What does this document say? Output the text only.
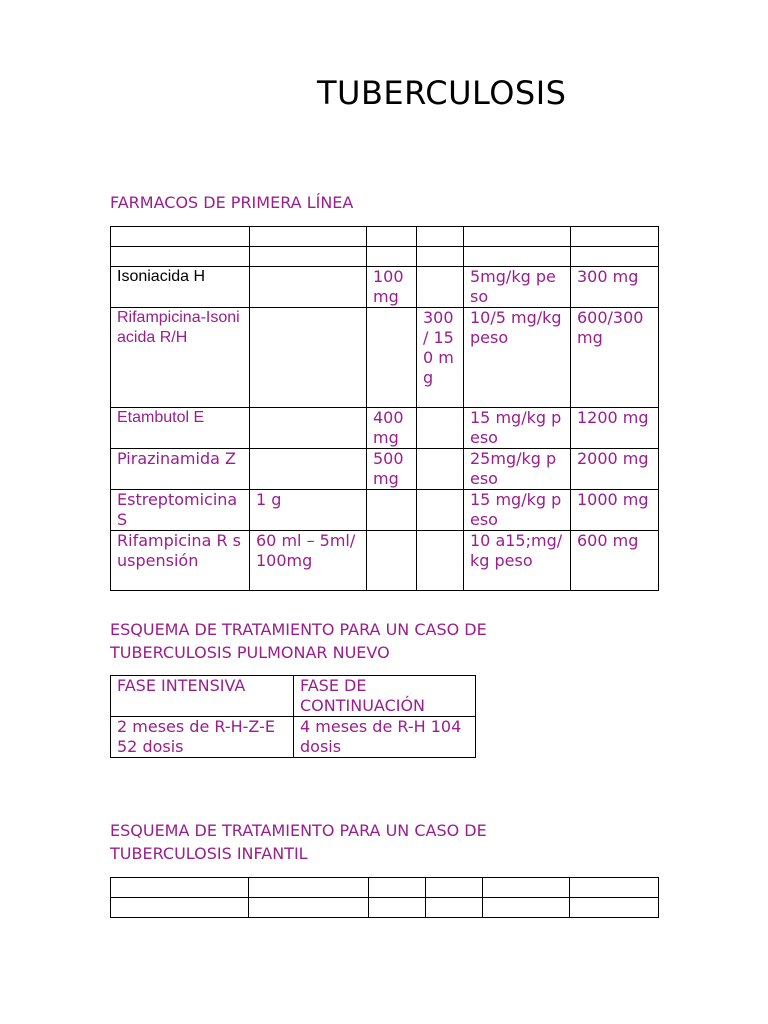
TUBERCULOSIS
FARMACOS DE PRIMERA LÍNEA

Isoniacida H		100 mg		5mg/kg peso	300 mg
Rifampicina-Isoniacida R/H			300 / 150 mg	10/5 mg/kg peso	600/300 mg
Etambutol E		400 mg		15 mg/kg peso	1200 mg
Pirazinamida Z		500 mg		25mg/kg peso	2000 mg
Estreptomicina S	1 g			15 mg/kg peso	1000 mg
Rifampicina R suspensión	60 ml – 5ml/100mg			10 a15;mg/kg peso	600 mg
ESQUEMA DE TRATAMIENTO PARA UN CASO DE TUBERCULOSIS PULMONAR NUEVO
FASE INTENSIVA	FASE DE CONTINUACIÓN
2 meses de R-H-Z-E 52 dosis	4 meses de R-H 104 dosis
ESQUEMA DE TRATAMIENTO PARA UN CASO DE TUBERCULOSIS INFANTIL
